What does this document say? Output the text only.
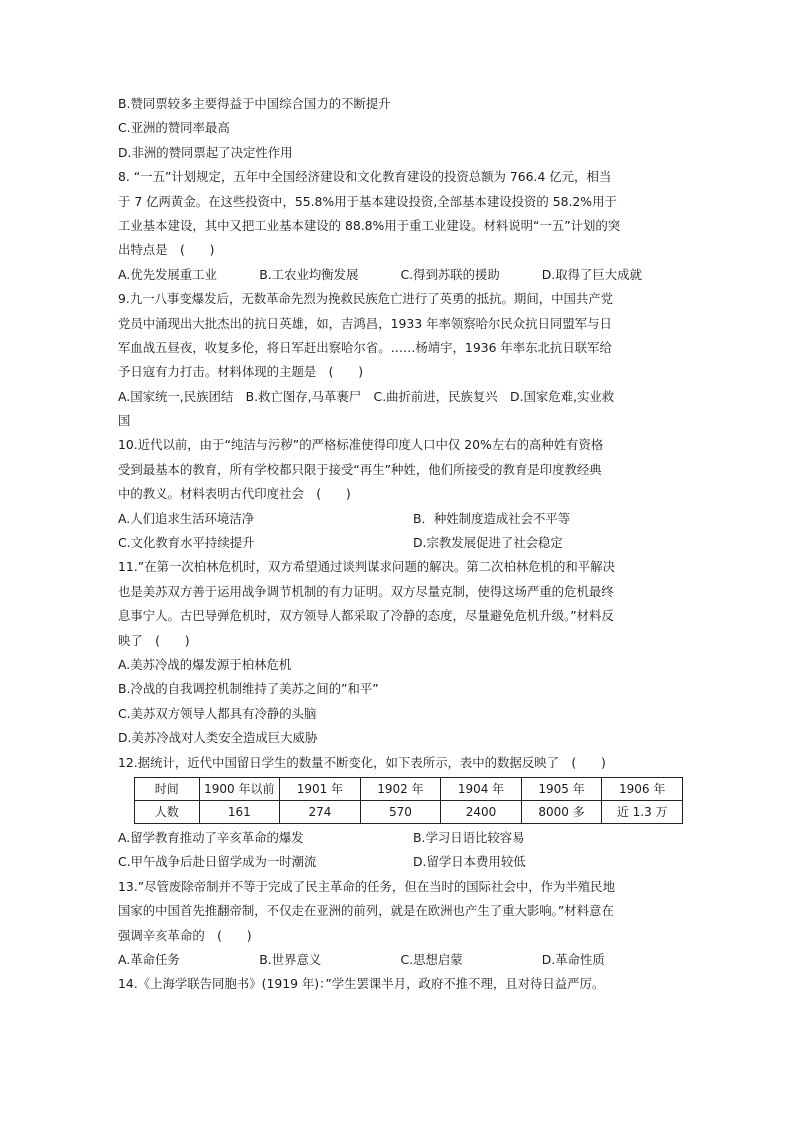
B.赞同票较多主要得益于中国综合国力的不断提升
C.亚洲的赞同率最高
D.非洲的赞同票起了决定性作用
8. “一五”计划规定，五年中全国经济建设和文化教育建设的投资总额为 766.4 亿元，相当
于 7 亿两黄金。在这些投资中，55.8%用于基本建设投资,全部基本建设投资的 58.2%用于
工业基本建设，其中又把工业基本建设的 88.8%用于重工业建设。材料说明“一五”计划的突
出特点是　(　　)
A.优先发展重工业	B.工农业均衡发展	C.得到苏联的援助	D.取得了巨大成就
9.九一八事变爆发后，无数革命先烈为挽救民族危亡进行了英勇的抵抗。期间，中国共产党
党员中涌现出大批杰出的抗日英雄，如，吉鸿昌，1933 年率领察哈尔民众抗日同盟军与日
军血战五昼夜，收复多伦，将日军赶出察哈尔省。……杨靖宇，1936 年率东北抗日联军给
予日寇有力打击。材料体现的主题是　(　　)
A.国家统一,民族团结　B.救亡图存,马革裹尸　C.曲折前进，民族复兴　D.国家危难,实业救
国
10.近代以前，由于“纯洁与污秽”的严格标准使得印度人口中仅 20%左右的高种姓有资格
受到最基本的教育，所有学校都只限于接受“再生”种姓，他们所接受的教育是印度教经典
中的教义。材料表明古代印度社会　(　　)
A.人们追求生活环境洁净	B．种姓制度造成社会不平等
C.文化教育水平持续提升	D.宗教发展促进了社会稳定
11.”在第一次柏林危机时，双方希望通过谈判谋求问题的解决。第二次柏林危机的和平解决
也是美苏双方善于运用战争调节机制的有力证明。双方尽量克制，使得这场严重的危机最终
息事宁人。古巴导弹危机时，双方领导人都采取了冷静的态度，尽量避免危机升级。”材料反
映了　(　　)
A.美苏冷战的爆发源于柏林危机
B.冷战的自我调控机制维持了美苏之间的”和平”
C.美苏双方领导人都具有冷静的头脑
D.美苏冷战对人类安全造成巨大威胁
12.据统计，近代中国留日学生的数量不断变化，如下表所示，表中的数据反映了　(　　)
时间	1900 年以前	1901 年	1902 年	1904 年	1905 年	1906 年
人数	161	274	570	2400	8000 多	近 1.3 万
A.留学教育推动了辛亥革命的爆发	B.学习日语比较容易
C.甲午战争后赴日留学成为一时潮流	D.留学日本费用较低
13.”尽管废除帝制并不等于完成了民主革命的任务，但在当时的国际社会中，作为半殖民地
国家的中国首先推翻帝制，不仅走在亚洲的前列，就是在欧洲也产生了重大影响。”材料意在
强调辛亥革命的　(　　)
A.革命任务	B.世界意义	C.思想启蒙	D.革命性质
14.《上海学联告同胞书》(1919 年)：”学生罢课半月，政府不推不理，且对待日益严厉。
